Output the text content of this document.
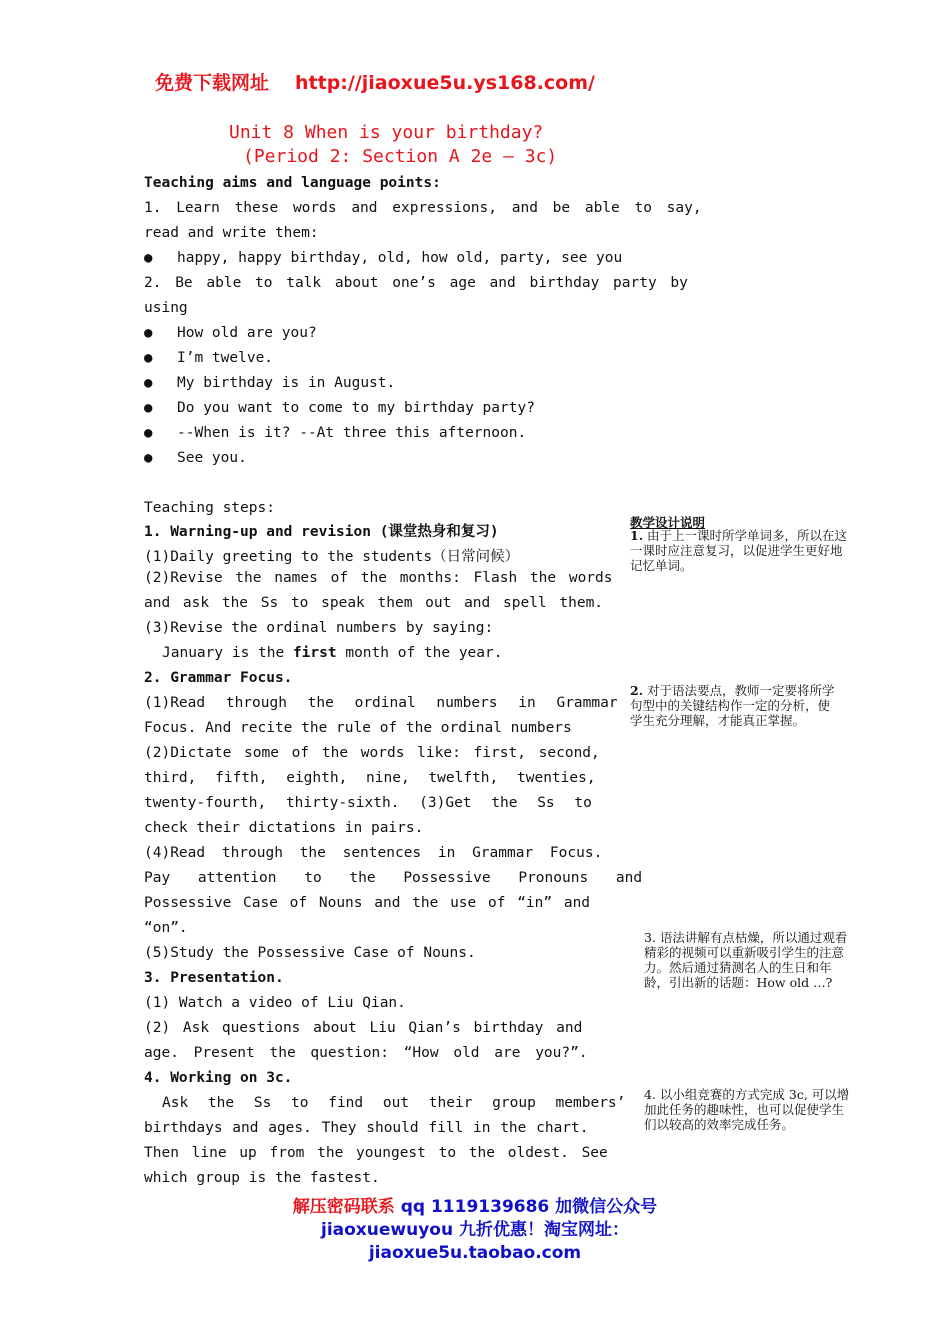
免费下载网址 http://jiaoxue5u.ys168.com/
Unit 8 When is your birthday?
(Period 2: Section A 2e – 3c)
Teaching aims and language points:
1. Learn these words and expressions, and be able to say,
read and write them:
● happy, happy birthday, old, how old, party, see you
2. Be able to talk about one’s age and birthday party by
using
● How old are you?
● I’m twelve.
● My birthday is in August.
● Do you want to come to my birthday party?
● --When is it? --At three this afternoon.
● See you.
Teaching steps:
1. Warning-up and revision (课堂热身和复习)
(1)Daily greeting to the students（日常问候）
(2)Revise the names of the months: Flash the words
and ask the Ss to speak them out and spell them.
(3)Revise the ordinal numbers by saying:
January is the first month of the year.
2. Grammar Focus.
(1)Read through the ordinal numbers in Grammar
Focus. And recite the rule of the ordinal numbers
(2)Dictate some of the words like: first, second,
third, fifth, eighth, nine, twelfth, twenties,
twenty-fourth, thirty-sixth. (3)Get the Ss to
check their dictations in pairs.
(4)Read through the sentences in Grammar Focus.
Pay attention to the Possessive Pronouns and
Possessive Case of Nouns and the use of “in” and
“on”.
(5)Study the Possessive Case of Nouns.
3. Presentation.
(1) Watch a video of Liu Qian.
(2) Ask questions about Liu Qian’s birthday and
age. Present the question: “How old are you?”.
4. Working on 3c.
Ask the Ss to find out their group members’
birthdays and ages. They should fill in the chart.
Then line up from the youngest to the oldest. See
which group is the fastest.
教学设计说明
1. 由于上一课时所学单词多，所以在这一课时应注意复习，以促进学生更好地记忆单词。
2. 对于语法要点，教师一定要将所学句型中的关键结构作一定的分析，使学生充分理解，才能真正掌握。
3. 语法讲解有点枯燥，所以通过观看精彩的视频可以重新吸引学生的注意力。然后通过猜测名人的生日和年龄，引出新的话题：How old …?
4. 以小组竞赛的方式完成 3c, 可以增加此任务的趣味性，也可以促使学生们以较高的效率完成任务。
解压密码联系 qq 1119139686 加微信公众号
jiaoxuewuyou 九折优惠！淘宝网址：
jiaoxue5u.taobao.com
